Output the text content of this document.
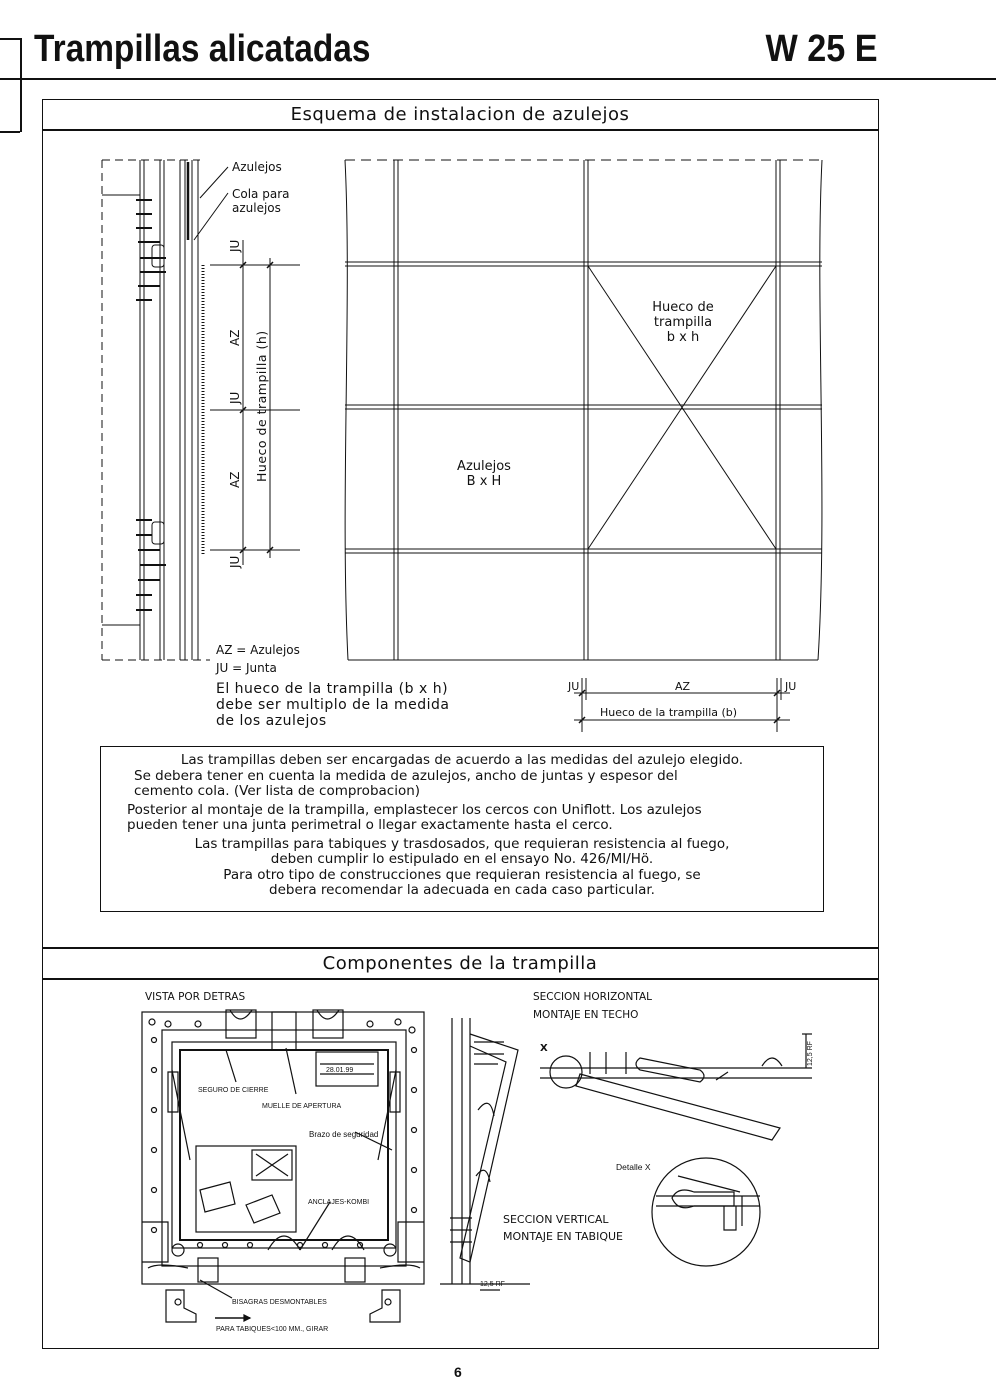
Trampillas alicatadas	W 25 E
Esquema de instalacion de azulejos
Componentes de la trampilla
Azulejos
Cola para
azulejos
JU
AZ
JU
AZ
JU
Hueco de trampilla (h)
AZ = Azulejos
JU = Junta
El hueco de la trampilla (b x h)
debe ser multiplo de la medida
de los azulejos
Hueco de
trampilla
b x h
Azulejos
B x H
JU	AZ	JU
Hueco de la trampilla (b)

Las trampillas deben ser encargadas de acuerdo a las medidas del azulejo elegido.

Se debera tener en cuenta la medida de azulejos, ancho de juntas y espesor del

cemento cola. (Ver lista de comprobacion)

Posterior al montaje de la trampilla, emplastecer los cercos con Uniflott. Los azulejos

pueden tener una junta perimetral o llegar exactamente hasta el cerco.

Las trampillas para tabiques y trasdosados, que requieran resistencia al fuego,

deben cumplir lo estipulado en el ensayo No. 426/MI/Hö.

Para otro tipo de construcciones que requieran resistencia al fuego, se

debera recomendar la adecuada en cada caso particular.

VISTA POR DETRAS
SEGURO DE CIERRE
MUELLE DE APERTURA
Brazo de seguridad
ANCLAJES-KOMBI
BISAGRAS DESMONTABLES
PARA TABIQUES<100 MM., GIRAR
28.01.99
SECCION HORIZONTAL
MONTAJE EN TECHO
X	12,5 RF
Detalle X
SECCION VERTICAL
MONTAJE EN TABIQUE
12,5 RF
6
